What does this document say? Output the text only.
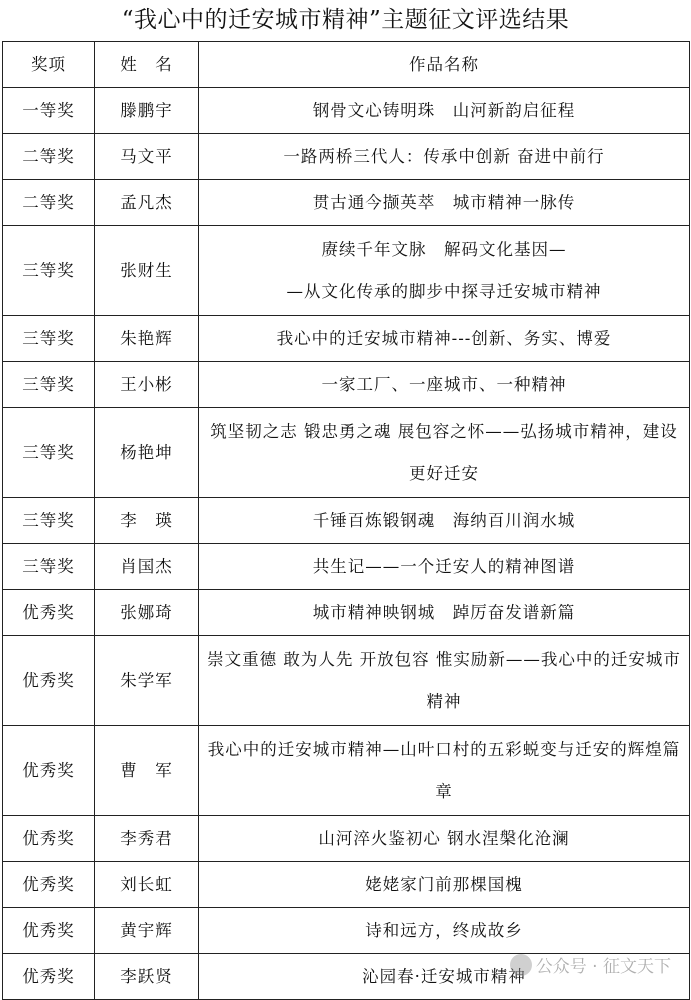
“我心中的迁安城市精神”主题征文评选结果
奖项	姓　名	作品名称
一等奖	滕鹏宇	钢骨文心铸明珠　山河新韵启征程
二等奖	马文平	一路两桥三代人：传承中创新 奋进中前行
二等奖	孟凡杰	贯古通今撷英萃　城市精神一脉传
三等奖	张财生	赓续千年文脉　解码文化基因—
—从文化传承的脚步中探寻迁安城市精神

三等奖	朱艳辉	我心中的迁安城市精神---创新、务实、博爱
三等奖	王小彬	一家工厂、一座城市、一种精神
三等奖	杨艳坤	筑坚韧之志 锻忠勇之魂 展包容之怀——弘扬城市精神，建设更好迁安
三等奖	李　瑛	千锤百炼锻钢魂　海纳百川润水城
三等奖	肖国杰	共生记——一个迁安人的精神图谱
优秀奖	张娜琦	城市精神映钢城　踔厉奋发谱新篇
优秀奖	朱学军	崇文重德 敢为人先 开放包容 惟实励新——我心中的迁安城市精神
优秀奖	曹　军	我心中的迁安城市精神—山叶口村的五彩蜕变与迁安的辉煌篇章
优秀奖	李秀君	山河淬火鉴初心 钢水涅槃化沧澜
优秀奖	刘长虹	姥姥家门前那棵国槐
优秀奖	黄宇辉	诗和远方，终成故乡
优秀奖	李跃贤	沁园春·迁安城市精神 公众号 · 征文天下
